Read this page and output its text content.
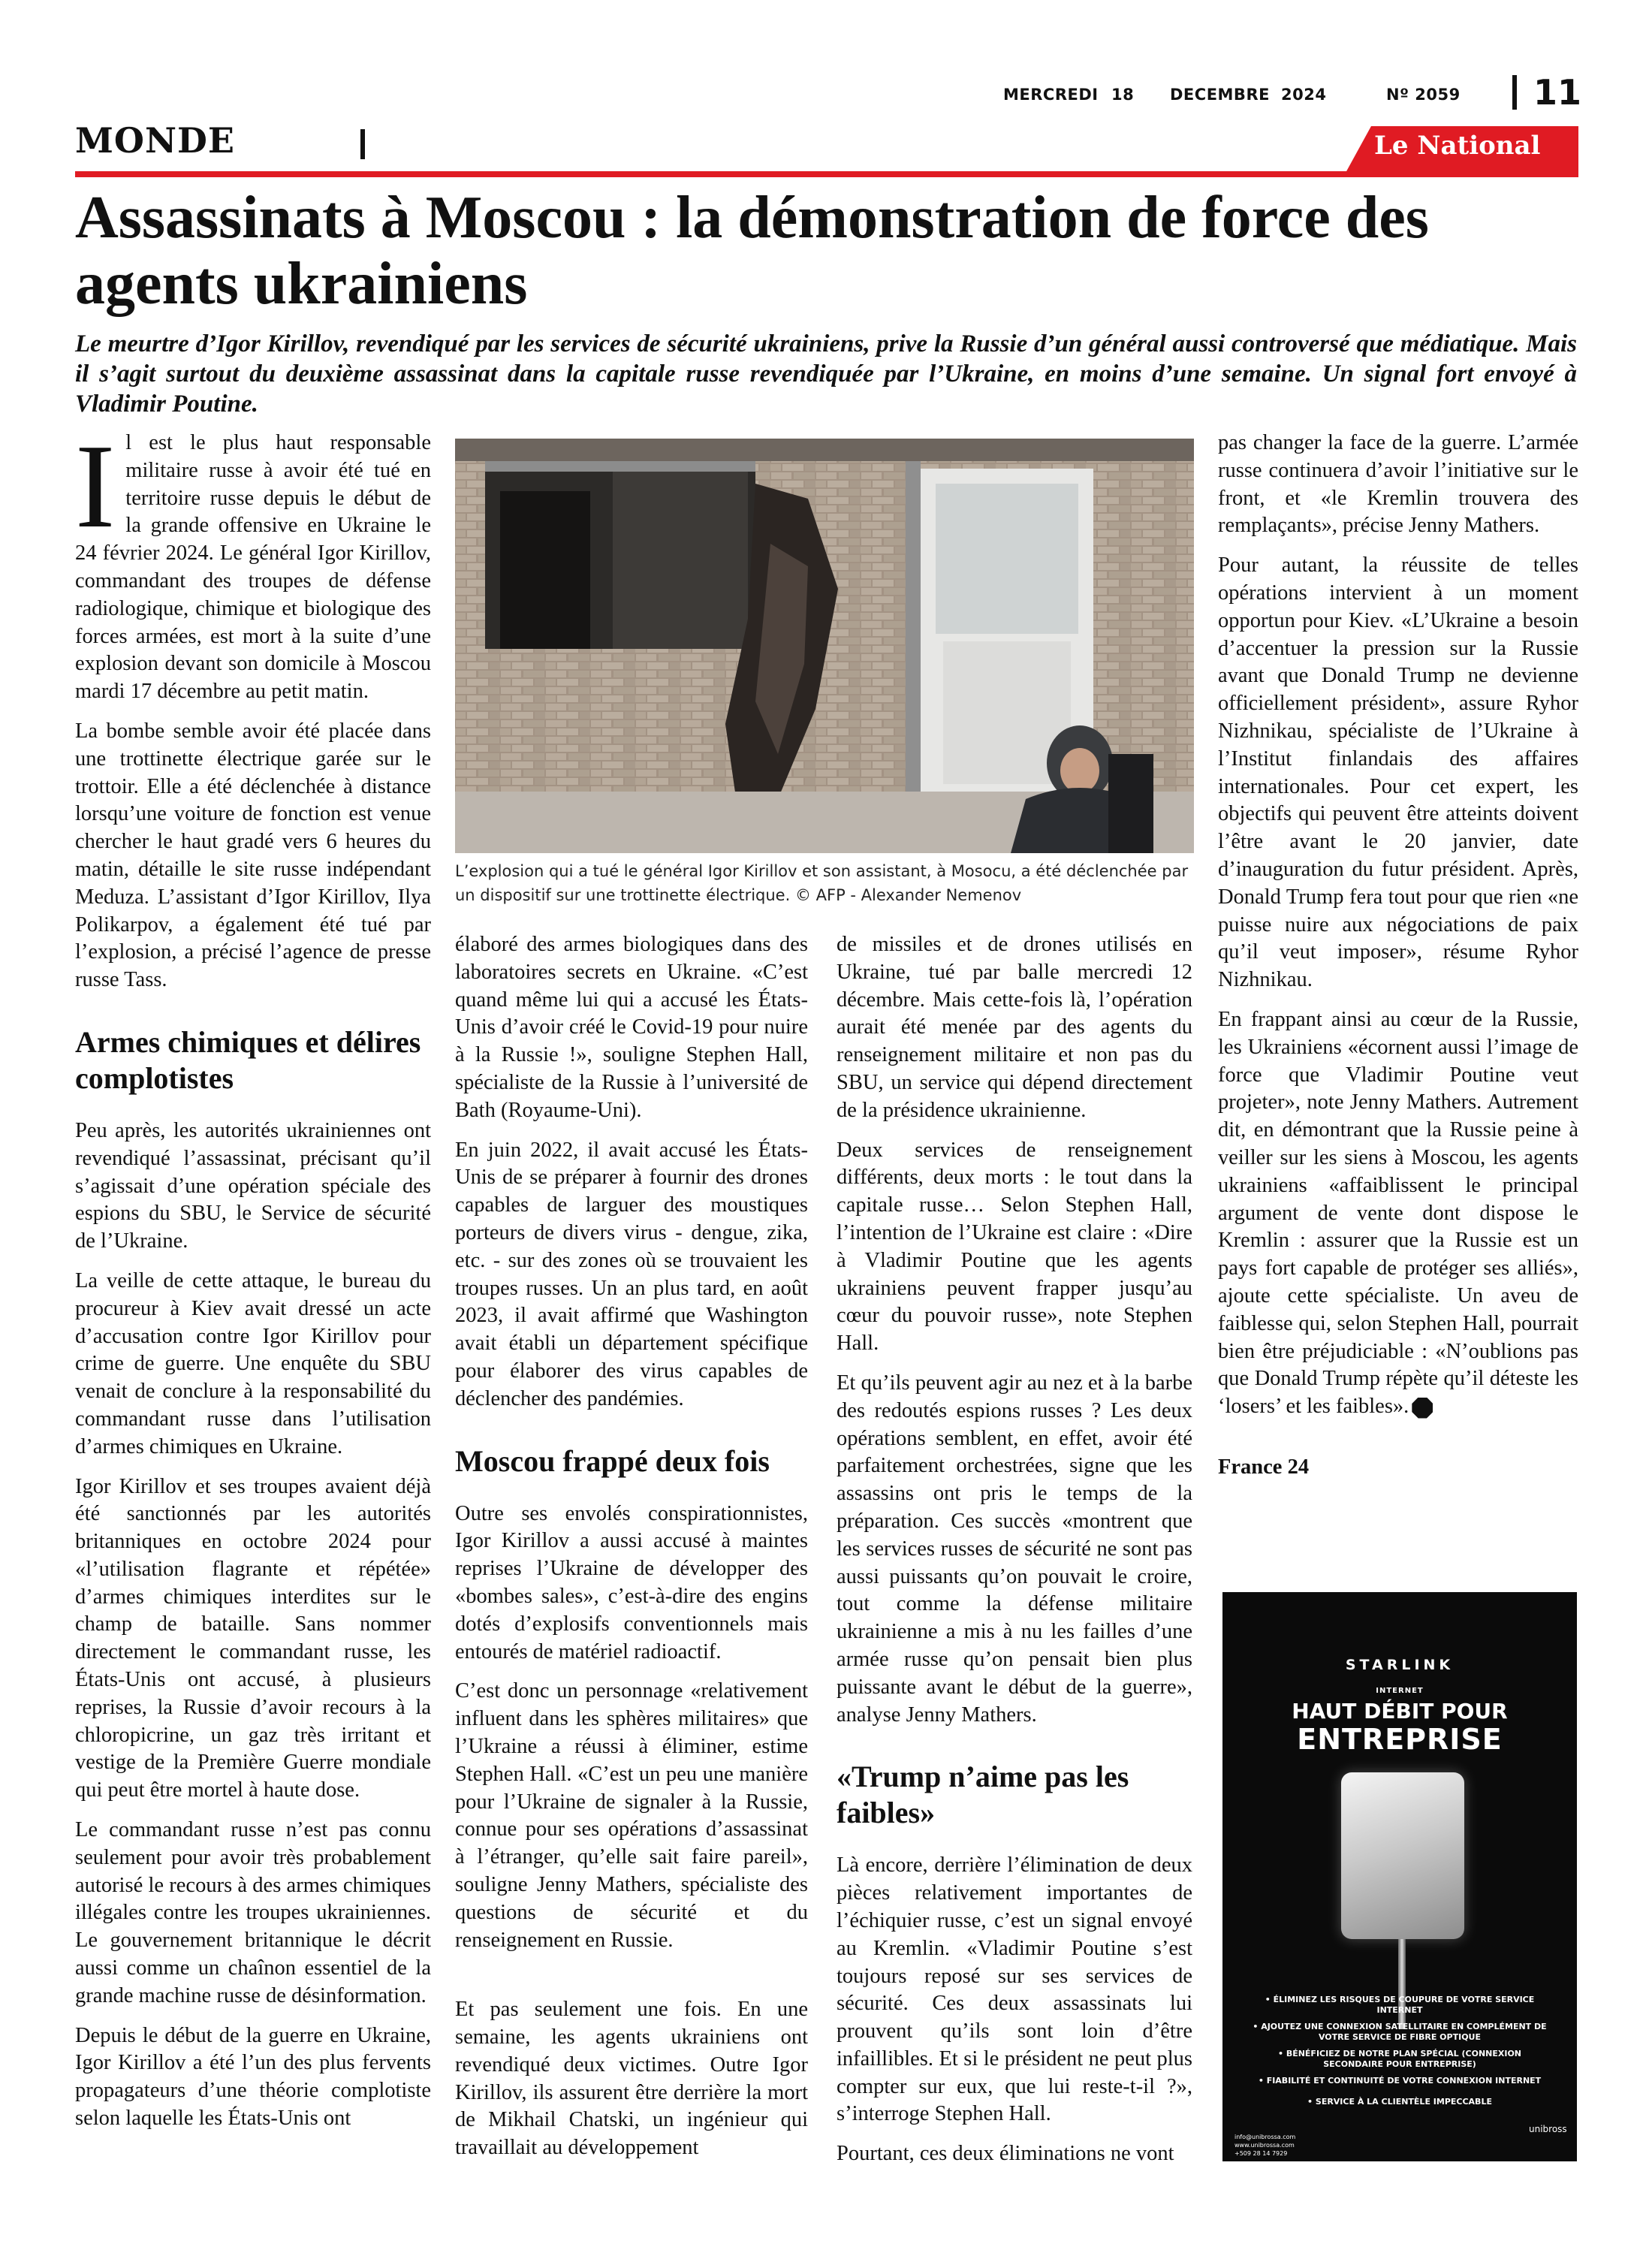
MERCREDI 18 DECEMBRE 2024	Nº 2059 11
MONDE	Le National
Assassinats à Moscou : la démonstration de force des agents ukrainiens

Le meurtre d’Igor Kirillov, revendiqué par les services de sécurité ukrainiens, prive la Russie d’un général aussi controversé que médiatique. Mais il s’agit surtout du deuxième assassinat dans la capitale russe revendiquée par l’Ukraine, en moins d’une semaine. Un signal fort envoyé à Vladimir Poutine.

Il est le plus haut responsable militaire russe à avoir été tué en territoire russe depuis le début de la grande offensive en Ukraine le 24 février 2024. Le général Igor Kirillov, commandant des troupes de défense radiologique, chimique et biologique des forces armées, est mort à la suite d’une explosion devant son domicile à Moscou mardi 17 décembre au petit matin.

La bombe semble avoir été placée dans une trottinette électrique garée sur le trottoir. Elle a été déclenchée à distance lorsqu’une voiture de fonction est venue chercher le haut gradé vers 6 heures du matin, détaille le site russe indépendant Meduza. L’assistant d’Igor Kirillov, Ilya Polikarpov, a également été tué par l’explosion, a précisé l’agence de presse russe Tass.

Armes chimiques et délires complotistes

Peu après, les autorités ukrainiennes ont revendiqué l’assassinat, précisant qu’il s’agissait d’une opération spéciale des espions du SBU, le Service de sécurité de l’Ukraine.

La veille de cette attaque, le bureau du procureur à Kiev avait dressé un acte d’accusation contre Igor Kirillov pour crime de guerre. Une enquête du SBU venait de conclure à la responsabilité du commandant russe dans l’utilisation d’armes chimiques en Ukraine.

Igor Kirillov et ses troupes avaient déjà été sanctionnés par les autorités britanniques en octobre 2024 pour «l’utilisation flagrante et répétée» d’armes chimiques interdites sur le champ de bataille. Sans nommer directement le commandant russe, les États-Unis ont accusé, à plusieurs reprises, la Russie d’avoir recours à la chloropicrine, un gaz très irritant et vestige de la Première Guerre mondiale qui peut être mortel à haute dose.

Le commandant russe n’est pas connu seulement pour avoir très probablement autorisé le recours à des armes chimiques illégales contre les troupes ukrainiennes. Le gouvernement britannique le décrit aussi comme un chaînon essentiel de la grande machine russe de désinformation.

Depuis le début de la guerre en Ukraine, Igor Kirillov a été l’un des plus fervents propagateurs d’une théorie complotiste selon laquelle les États-Unis ont

L’explosion qui a tué le général Igor Kirillov et son assistant, à Mosocu, a été déclenchée par un dispositif sur une trottinette électrique. © AFP - Alexander Nemenov

élaboré des armes biologiques dans des laboratoires secrets en Ukraine. «C’est quand même lui qui a accusé les États-Unis d’avoir créé le Covid-19 pour nuire à la Russie !», souligne Stephen Hall, spécialiste de la Russie à l’université de Bath (Royaume-Uni).

En juin 2022, il avait accusé les États-Unis de se préparer à fournir des drones capables de larguer des moustiques porteurs de divers virus - dengue, zika, etc. - sur des zones où se trouvaient les troupes russes. Un an plus tard, en août 2023, il avait affirmé que Washington avait établi un département spécifique pour élaborer des virus capables de déclencher des pandémies.

Moscou frappé deux fois

Outre ses envolés conspirationnistes, Igor Kirillov a aussi accusé à maintes reprises l’Ukraine de développer des «bombes sales», c’est-à-dire des engins dotés d’explosifs conventionnels mais entourés de matériel radioactif.

C’est donc un personnage «relativement influent dans les sphères militaires» que l’Ukraine a réussi à éliminer, estime Stephen Hall. «C’est un peu une manière pour l’Ukraine de signaler à la Russie, connue pour ses opérations d’assassinat à l’étranger, qu’elle sait faire pareil», souligne Jenny Mathers, spécialiste des questions de sécurité et du renseignement en Russie.

Et pas seulement une fois. En une semaine, les agents ukrainiens ont revendiqué deux victimes. Outre Igor Kirillov, ils assurent être derrière la mort de Mikhail Chatski, un ingénieur qui travaillait au développement

de missiles et de drones utilisés en Ukraine, tué par balle mercredi 12 décembre. Mais cette-fois là, l’opération aurait été menée par des agents du renseignement militaire et non pas du SBU, un service qui dépend directement de la présidence ukrainienne.

Deux services de renseignement différents, deux morts : le tout dans la capitale russe… Selon Stephen Hall, l’intention de l’Ukraine est claire : «Dire à Vladimir Poutine que les agents ukrainiens peuvent frapper jusqu’au cœur du pouvoir russe», note Stephen Hall.

Et qu’ils peuvent agir au nez et à la barbe des redoutés espions russes ? Les deux opérations semblent, en effet, avoir été parfaitement orchestrées, signe que les assassins ont pris le temps de la préparation. Ces succès «montrent que les services russes de sécurité ne sont pas aussi puissants qu’on pouvait le croire, tout comme la défense militaire ukrainienne a mis à nu les failles d’une armée russe qu’on pensait bien plus puissante avant le début de la guerre», analyse Jenny Mathers.

«Trump n’aime pas les faibles»

Là encore, derrière l’élimination de deux pièces relativement importantes de l’échiquier russe, c’est un signal envoyé au Kremlin. «Vladimir Poutine s’est toujours reposé sur ses services de sécurité. Ces deux assassinats lui prouvent qu’ils sont loin d’être infaillibles. Et si le président ne peut plus compter sur eux, que lui reste-t-il ?», s’interroge Stephen Hall.

Pourtant, ces deux éliminations ne vont

pas changer la face de la guerre. L’armée russe continuera d’avoir l’initiative sur le front, et «le Kremlin trouvera des remplaçants», précise Jenny Mathers.

Pour autant, la réussite de telles opérations intervient à un moment opportun pour Kiev. «L’Ukraine a besoin d’accentuer la pression sur la Russie avant que Donald Trump ne devienne officiellement président», assure Ryhor Nizhnikau, spécialiste de l’Ukraine à l’Institut finlandais des affaires internationales. Pour cet expert, les objectifs qui peuvent être atteints doivent l’être avant le 20 janvier, date d’inauguration du futur président. Après, Donald Trump fera tout pour que rien «ne puisse nuire aux négociations de paix qu’il veut imposer», résume Ryhor Nizhnikau.

En frappant ainsi au cœur de la Russie, les Ukrainiens «écornent aussi l’image de force que Vladimir Poutine veut projeter», note Jenny Mathers. Autrement dit, en démontrant que la Russie peine à veiller sur les siens à Moscou, les agents ukrainiens «affaiblissent le principal argument de vente dont dispose le Kremlin : assurer que la Russie est un pays fort capable de protéger ses alliés», ajoute cette spécialiste. Un aveu de faiblesse qui, selon Stephen Hall, pourrait bien être préjudiciable : «N’oublions pas que Donald Trump répète qu’il déteste les ‘losers’ et les faibles».

France 24

STARLINK
INTERNET
HAUT DÉBIT POUR
ENTREPRISE
• ÉLIMINEZ LES RISQUES DE COUPURE DE VOTRE SERVICE INTERNET
• AJOUTEZ UNE CONNEXION SATELLITAIRE EN COMPLÉMENT DE VOTRE SERVICE DE FIBRE OPTIQUE
• BÉNÉFICIEZ DE NOTRE PLAN SPÉCIAL (CONNEXION SECONDAIRE POUR ENTREPRISE)
• FIABILITÉ ET CONTINUITÉ DE VOTRE CONNEXION INTERNET
• SERVICE À LA CLIENTÈLE IMPECCABLE
info@unibrossa.com
www.unibrossa.com
+509 28 14 7929
unibross
